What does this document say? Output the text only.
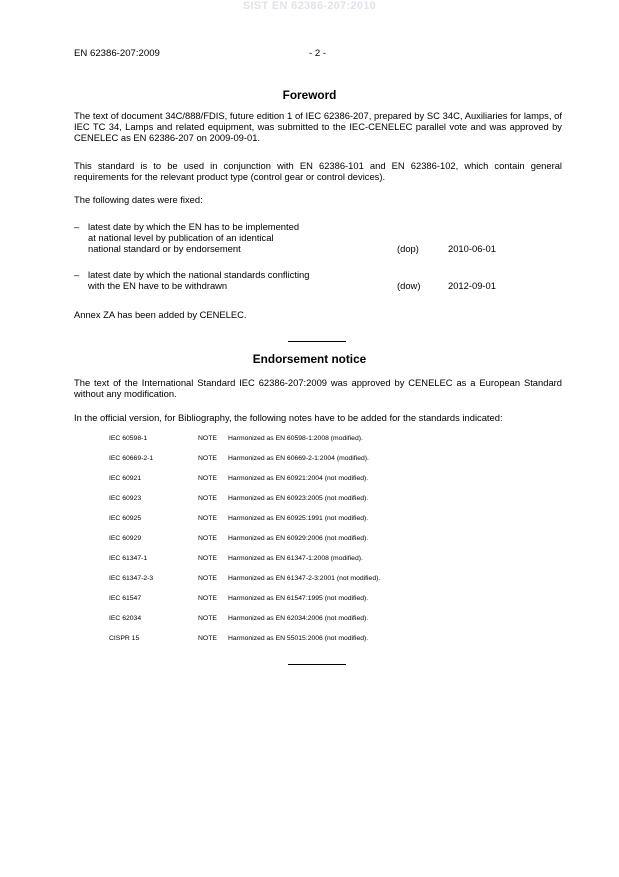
SIST EN 62386-207:2010
EN 62386-207:2009	- 2 -
Foreword
The text of document 34C/888/FDIS, future edition 1 of IEC 62386-207, prepared by SC 34C, Auxiliaries for lamps, of IEC TC 34, Lamps and related equipment, was submitted to the IEC-CENELEC parallel vote and was approved by CENELEC as EN 62386-207 on 2009-09-01.
This standard is to be used in conjunction with EN 62386-101 and EN 62386-102, which contain general requirements for the relevant product type (control gear or control devices).
The following dates were fixed:
– latest date by which the EN has to be implemented
at national level by publication of an identical
national standard or by endorsement	(dop)	2010-06-01
– latest date by which the national standards conflicting
with the EN have to be withdrawn	(dow)	2012-09-01
Annex ZA has been added by CENELEC.
Endorsement notice
The text of the International Standard IEC 62386-207:2009 was approved by CENELEC as a European Standard without any modification.
In the official version, for Bibliography, the following notes have to be added for the standards indicated:
IEC 60598-1	NOTE Harmonized as EN 60598-1:2008 (modified).
IEC 60669-2-1	NOTE Harmonized as EN 60669-2-1:2004 (modified).
IEC 60921	NOTE Harmonized as EN 60921:2004 (not modified).
IEC 60923	NOTE Harmonized as EN 60923:2005 (not modified).
IEC 60925	NOTE Harmonized as EN 60925:1991 (not modified).
IEC 60929	NOTE Harmonized as EN 60929:2006 (not modified).
IEC 61347-1	NOTE Harmonized as EN 61347-1:2008 (modified).
IEC 61347-2-3	NOTE Harmonized as EN 61347-2-3:2001 (not modified).
IEC 61547	NOTE Harmonized as EN 61547:1995 (not modified).
IEC 62034	NOTE Harmonized as EN 62034:2006 (not modified).
CISPR 15	NOTE Harmonized as EN 55015:2006 (not modified).
